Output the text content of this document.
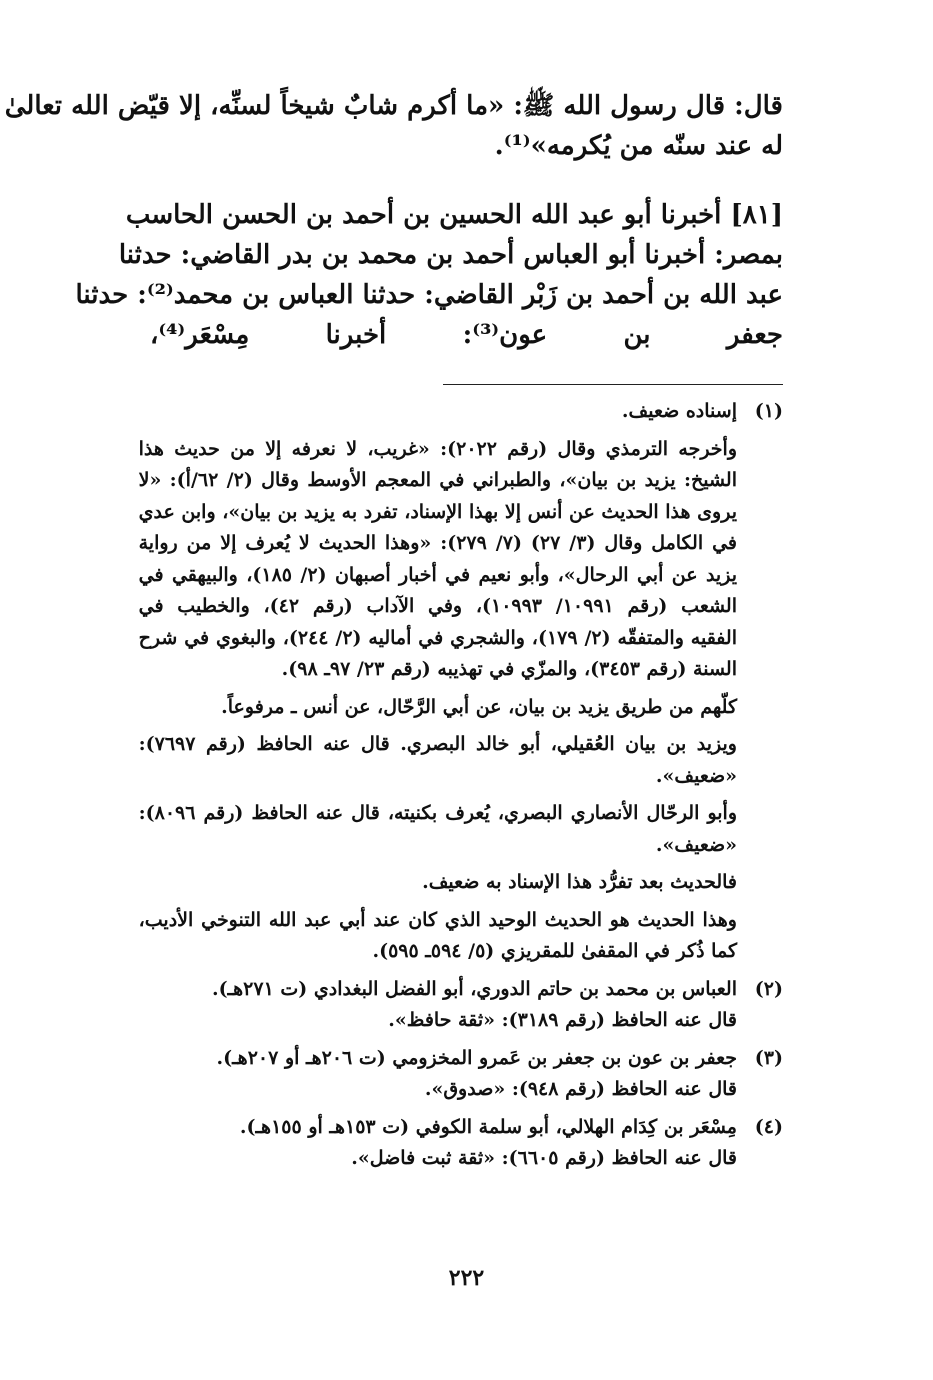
قال: قال رسول الله ﷺ: «ما أكرم شابٌ شيخاً لسنِّه، إلا قيّض الله تعالىٰ
له عند سنّه من يُكرمه»⁽¹⁾.
[٨١] أخبرنا أبو عبد الله الحسين بن أحمد بن الحسن الحاسب
بمصر: أخبرنا أبو العباس أحمد بن محمد بن بدر القاضي: حدثنا
عبد الله بن أحمد بن زَبْر القاضي: حدثنا العباس بن محمد⁽²⁾: حدثنا
جعفر بن عون⁽³⁾: أخبرنا مِسْعَر⁽⁴⁾،
(١)
إسناده ضعيف.
وأخرجه الترمذي وقال (رقم ٢٠٢٢): «غريب، لا نعرفه إلا من حديث هذا
الشيخ: يزيد بن بيان»، والطبراني في المعجم الأوسط وقال (٢/ ٦٢/أ): «لا
يروى هذا الحديث عن أنس إلا بهذا الإسناد، تفرد به يزيد بن بيان»، وابن عدي
في الكامل وقال (٣/ ٢٧) (٧/ ٢٧٩): «وهذا الحديث لا يُعرف إلا من رواية
يزيد عن أبي الرحال»، وأبو نعيم في أخبار أصبهان (٢/ ١٨٥)، والبيهقي في
الشعب (رقم ١٠٩٩١/ ١٠٩٩٣)، وفي الآداب (رقم ٤٢)، والخطيب في
الفقيه والمتفقّه (٢/ ١٧٩)، والشجري في أماليه (٢/ ٢٤٤)، والبغوي في شرح
السنة (رقم ٣٤٥٣)، والمزّي في تهذيبه (رقم ٢٣/ ٩٧ـ ٩٨).
كلّهم من طريق يزيد بن بيان، عن أبي الرَّحّال، عن أنس ـ مرفوعاً.
ويزيد بن بيان العُقيلي، أبو خالد البصري. قال عنه الحافظ (رقم ٧٦٩٧):
«ضعيف».
وأبو الرحّال الأنصاري البصري، يُعرف بكنيته، قال عنه الحافظ (رقم ٨٠٩٦):
«ضعيف».
فالحديث بعد تفرُّد هذا الإسناد به ضعيف.
وهذا الحديث هو الحديث الوحيد الذي كان عند أبي عبد الله التنوخي الأديب،
كما ذُكر في المقفىٰ للمقريزي (٥/ ٥٩٤ـ ٥٩٥).
(٢)
العباس بن محمد بن حاتم الدوري، أبو الفضل البغدادي (ت ٢٧١هـ).
قال عنه الحافظ (رقم ٣١٨٩): «ثقة حافظ».
(٣)
جعفر بن عون بن جعفر بن عَمرو المخزومي (ت ٢٠٦هـ أو ٢٠٧هـ).
قال عنه الحافظ (رقم ٩٤٨): «صدوق».
(٤)
مِسْعَر بن كِدَام الهلالي، أبو سلمة الكوفي (ت ١٥٣هـ أو ١٥٥هـ).
قال عنه الحافظ (رقم ٦٦٠٥): «ثقة ثبت فاضل».
٢٢٢
